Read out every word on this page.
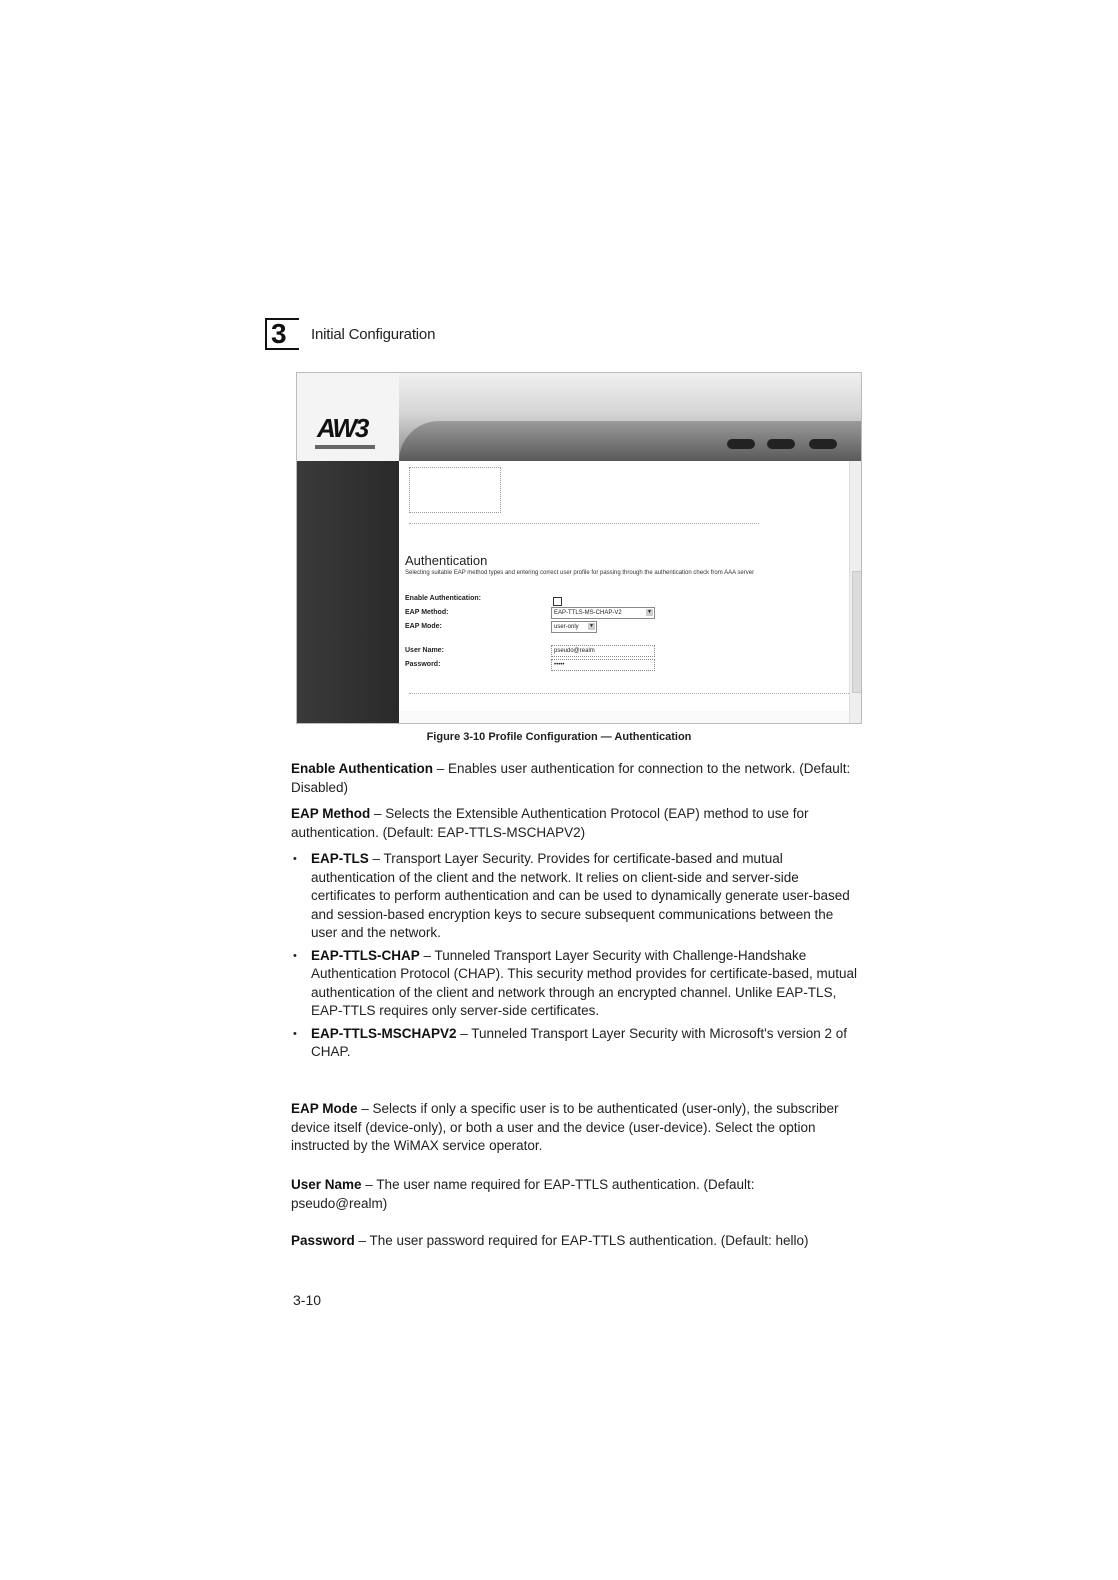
3	Initial Configuration
AW3
Authentication
Selecting suitable EAP method types and entering correct user profile for passing through the authentication check from AAA server
Enable Authentication:
EAP Method:	EAP-TTLS-MS-CHAP-V2	▼
EAP Mode:	user-only ▼
User Name:	pseudo@realm
Password:	•••••
Figure 3-10 Profile Configuration — Authentication

Enable Authentication – Enables user authentication for connection to the network. (Default: Disabled)

EAP Method – Selects the Extensible Authentication Protocol (EAP) method to use for authentication. (Default: EAP-TTLS-MSCHAPV2)

• EAP-TLS – Transport Layer Security. Provides for certificate-based and mutual authentication of the client and the network. It relies on client-side and server-side certificates to perform authentication and can be used to dynamically generate user-based and session-based encryption keys to secure subsequent communications between the user and the network.
• EAP-TTLS-CHAP – Tunneled Transport Layer Security with Challenge-Handshake Authentication Protocol (CHAP). This security method provides for certificate-based, mutual authentication of the client and network through an encrypted channel. Unlike EAP-TLS, EAP-TTLS requires only server-side certificates.
• EAP-TTLS-MSCHAPV2 – Tunneled Transport Layer Security with Microsoft's version 2 of CHAP.

EAP Mode – Selects if only a specific user is to be authenticated (user-only), the subscriber device itself (device-only), or both a user and the device (user-device). Select the option instructed by the WiMAX service operator.

User Name – The user name required for EAP-TTLS authentication. (Default: pseudo@realm)

Password – The user password required for EAP-TTLS authentication. (Default: hello)

3-10
